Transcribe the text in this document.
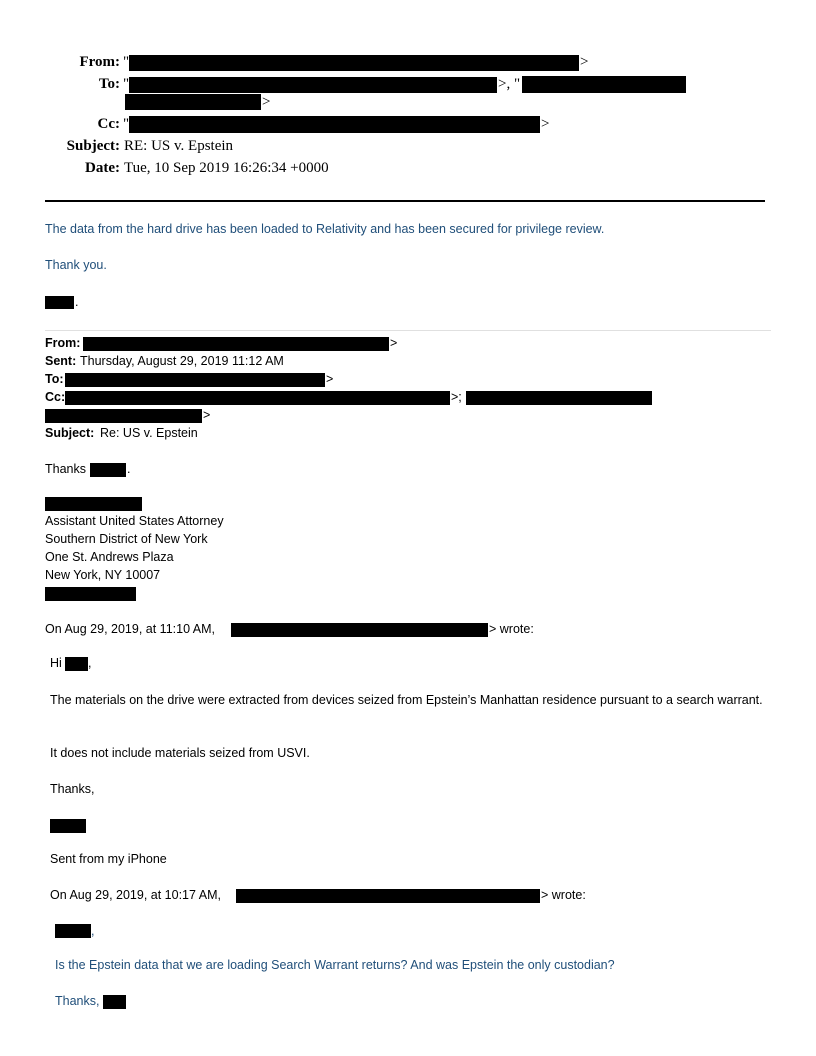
From: "	>
To: "	>, "
>
Cc: "	>
Subject: RE: US v. Epstein
Date: Tue, 10 Sep 2019 16:26:34 +0000
The data from the hard drive has been loaded to Relativity and has been secured for privilege review.
Thank you.
.
From:	>
Sent: Thursday, August 29, 2019 11:12 AM
To:	>
Cc:	>;
>
Subject: Re: US v. Epstein
Thanks	.
Assistant United States Attorney
Southern District of New York
One St. Andrews Plaza
New York, NY 10007
On Aug 29, 2019, at 11:10 AM,	> wrote:
Hi ,
The materials on the drive were extracted from devices seized from Epstein’s Manhattan residence pursuant to a search warrant.
It does not include materials seized from USVI.
Thanks,
Sent from my iPhone
On Aug 29, 2019, at 10:17 AM,	> wrote:
,
Is the Epstein data that we are loading Search Warrant returns? And was Epstein the only custodian?
Thanks,
